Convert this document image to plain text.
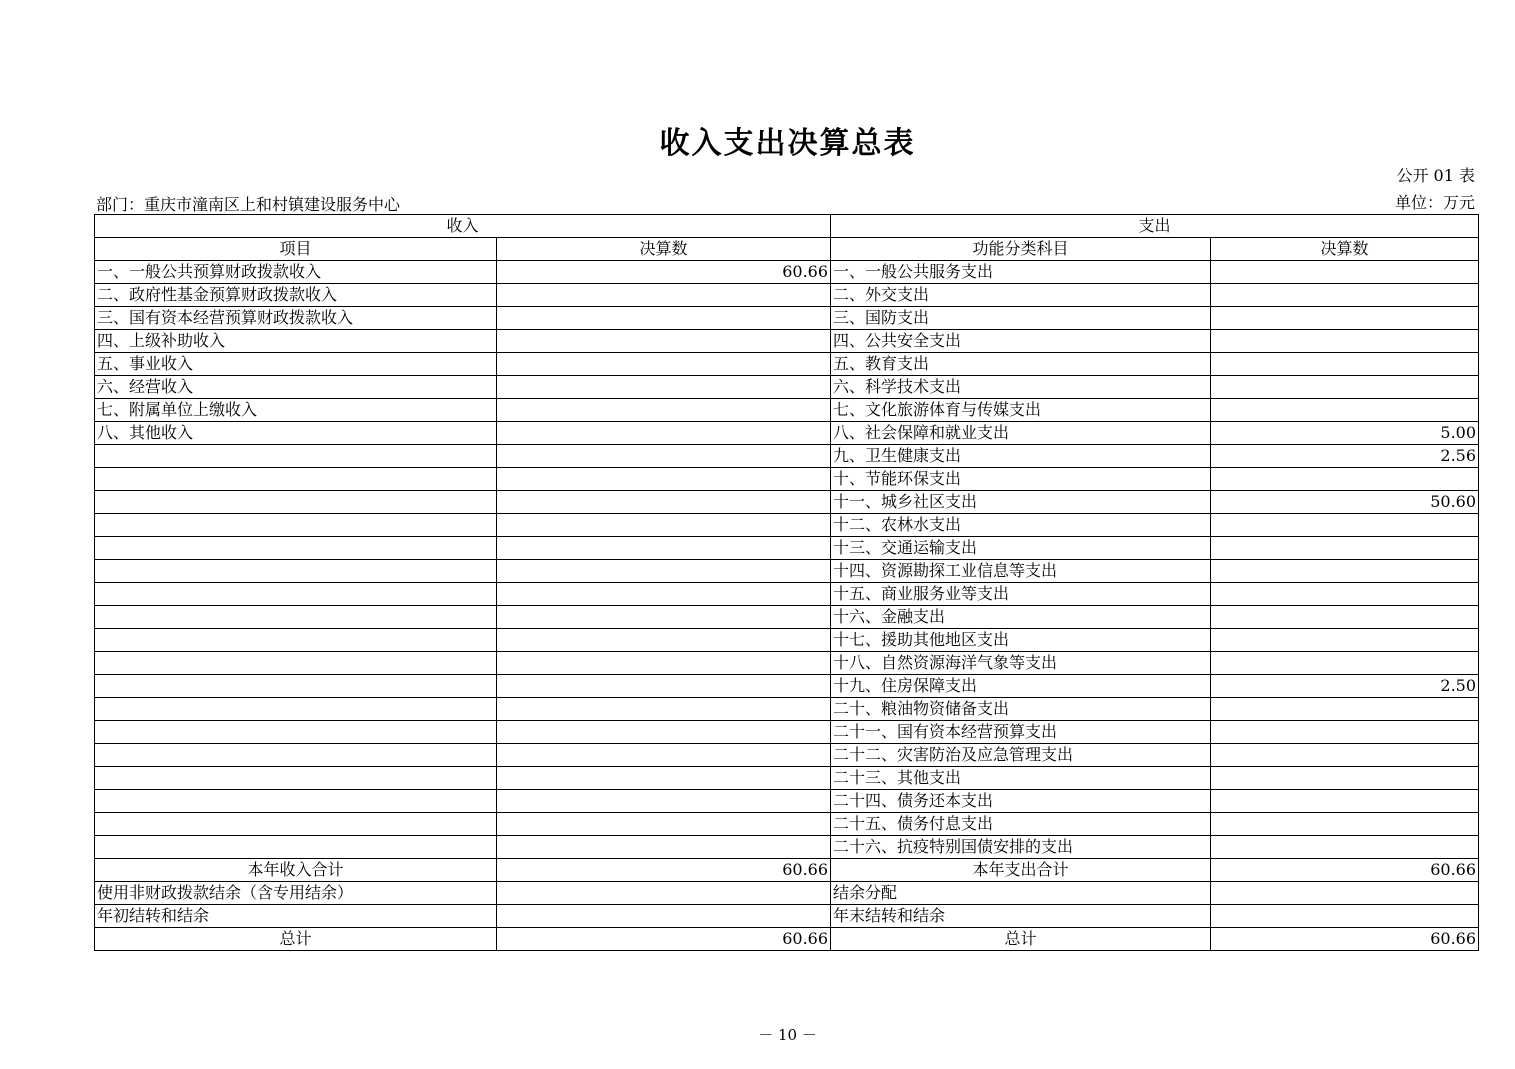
收入支出决算总表
公开 01 表
部门：重庆市潼南区上和村镇建设服务中心	单位：万元
收入		支出	
项目	决算数	功能分类科目	决算数
一、一般公共预算财政拨款收入	60.66	一、一般公共服务支出	
二、政府性基金预算财政拨款收入		二、外交支出	
三、国有资本经营预算财政拨款收入		三、国防支出	
四、上级补助收入		四、公共安全支出	
五、事业收入		五、教育支出	
六、经营收入		六、科学技术支出	
七、附属单位上缴收入		七、文化旅游体育与传媒支出	
八、其他收入		八、社会保障和就业支出	5.00
		九、卫生健康支出	2.56
		十、节能环保支出	
		十一、城乡社区支出	50.60
		十二、农林水支出	
		十三、交通运输支出	
		十四、资源勘探工业信息等支出	
		十五、商业服务业等支出	
		十六、金融支出	
		十七、援助其他地区支出	
		十八、自然资源海洋气象等支出	
		十九、住房保障支出	2.50
		二十、粮油物资储备支出	
		二十一、国有资本经营预算支出	
		二十二、灾害防治及应急管理支出	
		二十三、其他支出	
		二十四、债务还本支出	
		二十五、债务付息支出	
		二十六、抗疫特别国债安排的支出	
本年收入合计	60.66	本年支出合计	60.66
使用非财政拨款结余（含专用结余）		结余分配	
年初结转和结余		年末结转和结余	
总计	60.66	总计	60.66
－ 10 －
